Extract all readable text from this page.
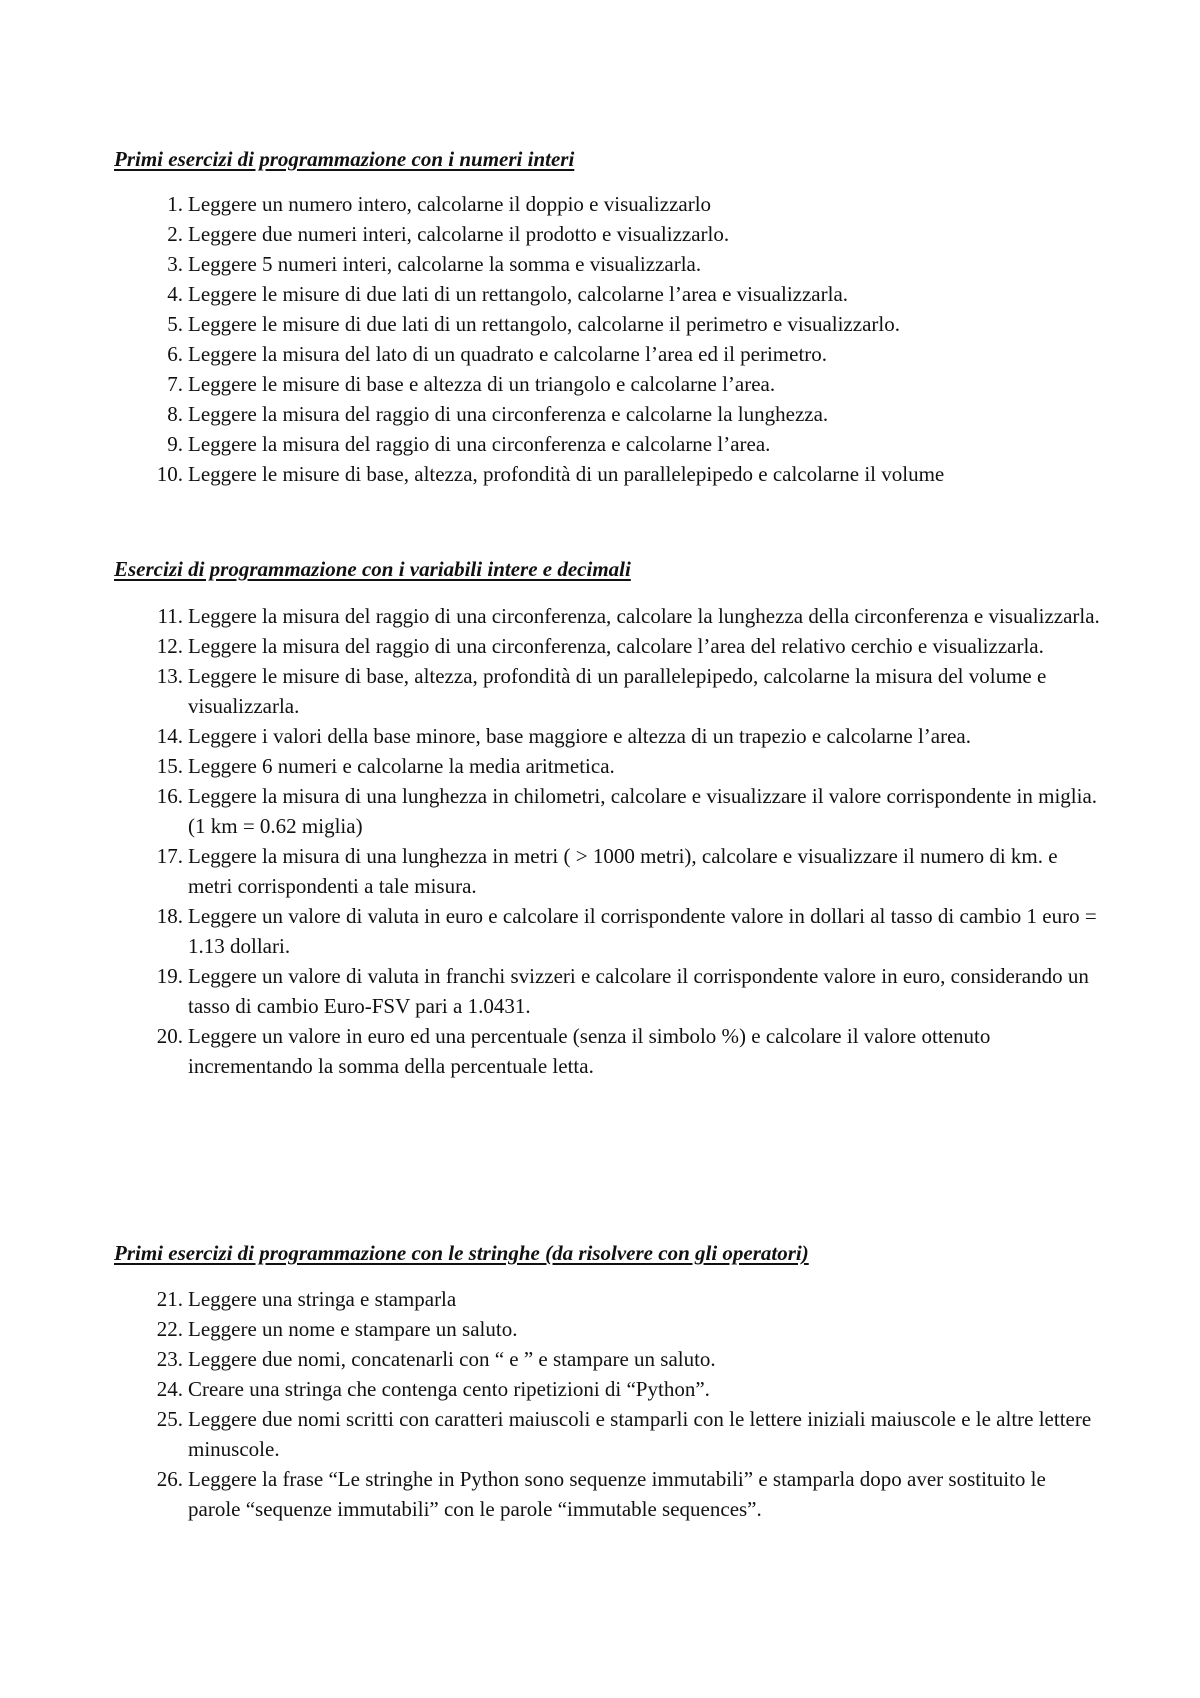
Primi esercizi di programmazione con i numeri interi
1. Leggere un numero intero, calcolarne il doppio e visualizzarlo
2. Leggere due numeri interi, calcolarne il prodotto e visualizzarlo.
3. Leggere 5 numeri interi, calcolarne la somma e visualizzarla.
4. Leggere le misure di due lati di un rettangolo, calcolarne l’area e visualizzarla.
5. Leggere le misure di due lati di un rettangolo, calcolarne il perimetro e visualizzarlo.
6. Leggere la misura del lato di un quadrato e calcolarne l’area ed il perimetro.
7. Leggere le misure di base e altezza di un triangolo e calcolarne l’area.
8. Leggere la misura del raggio di una circonferenza e calcolarne la lunghezza.
9. Leggere la misura del raggio di una circonferenza e calcolarne l’area.
10. Leggere le misure di base, altezza, profondità di un parallelepipedo e calcolarne il volume
Esercizi di programmazione con i variabili intere e decimali
11. Leggere la misura del raggio di una circonferenza, calcolare la lunghezza della circonferenza e visualizzarla.
12. Leggere la misura del raggio di una circonferenza, calcolare l’area del relativo cerchio e visualizzarla.
13. Leggere le misure di base, altezza, profondità di un parallelepipedo, calcolarne la misura del volume e visualizzarla.
14. Leggere i valori della base minore, base maggiore e altezza di un trapezio e calcolarne l’area.
15. Leggere 6 numeri e calcolarne la media aritmetica.
16. Leggere la misura di una lunghezza in chilometri, calcolare e visualizzare il valore corrispondente in miglia. (1 km = 0.62 miglia)
17. Leggere la misura di una lunghezza in metri ( > 1000 metri), calcolare e visualizzare il numero di km. e metri corrispondenti a tale misura.
18. Leggere un valore di valuta in euro e calcolare il corrispondente valore in dollari al tasso di cambio 1 euro = 1.13 dollari.
19. Leggere un valore di valuta in franchi svizzeri e calcolare il corrispondente valore in euro, considerando un tasso di cambio Euro-FSV pari a 1.0431.
20. Leggere un valore in euro ed una percentuale (senza il simbolo %) e calcolare il valore ottenuto incrementando la somma della percentuale letta.
Primi esercizi di programmazione con le stringhe (da risolvere con gli operatori)
21. Leggere una stringa e stamparla
22. Leggere un nome e stampare un saluto.
23. Leggere due nomi, concatenarli con “ e ” e stampare un saluto.
24. Creare una stringa che contenga cento ripetizioni di “Python”.
25. Leggere due nomi scritti con caratteri maiuscoli e stamparli con le lettere iniziali maiuscole e le altre lettere minuscole.
26. Leggere la frase “Le stringhe in Python sono sequenze immutabili” e stamparla dopo aver sostituito le parole “sequenze immutabili” con le parole “immutable sequences”.
